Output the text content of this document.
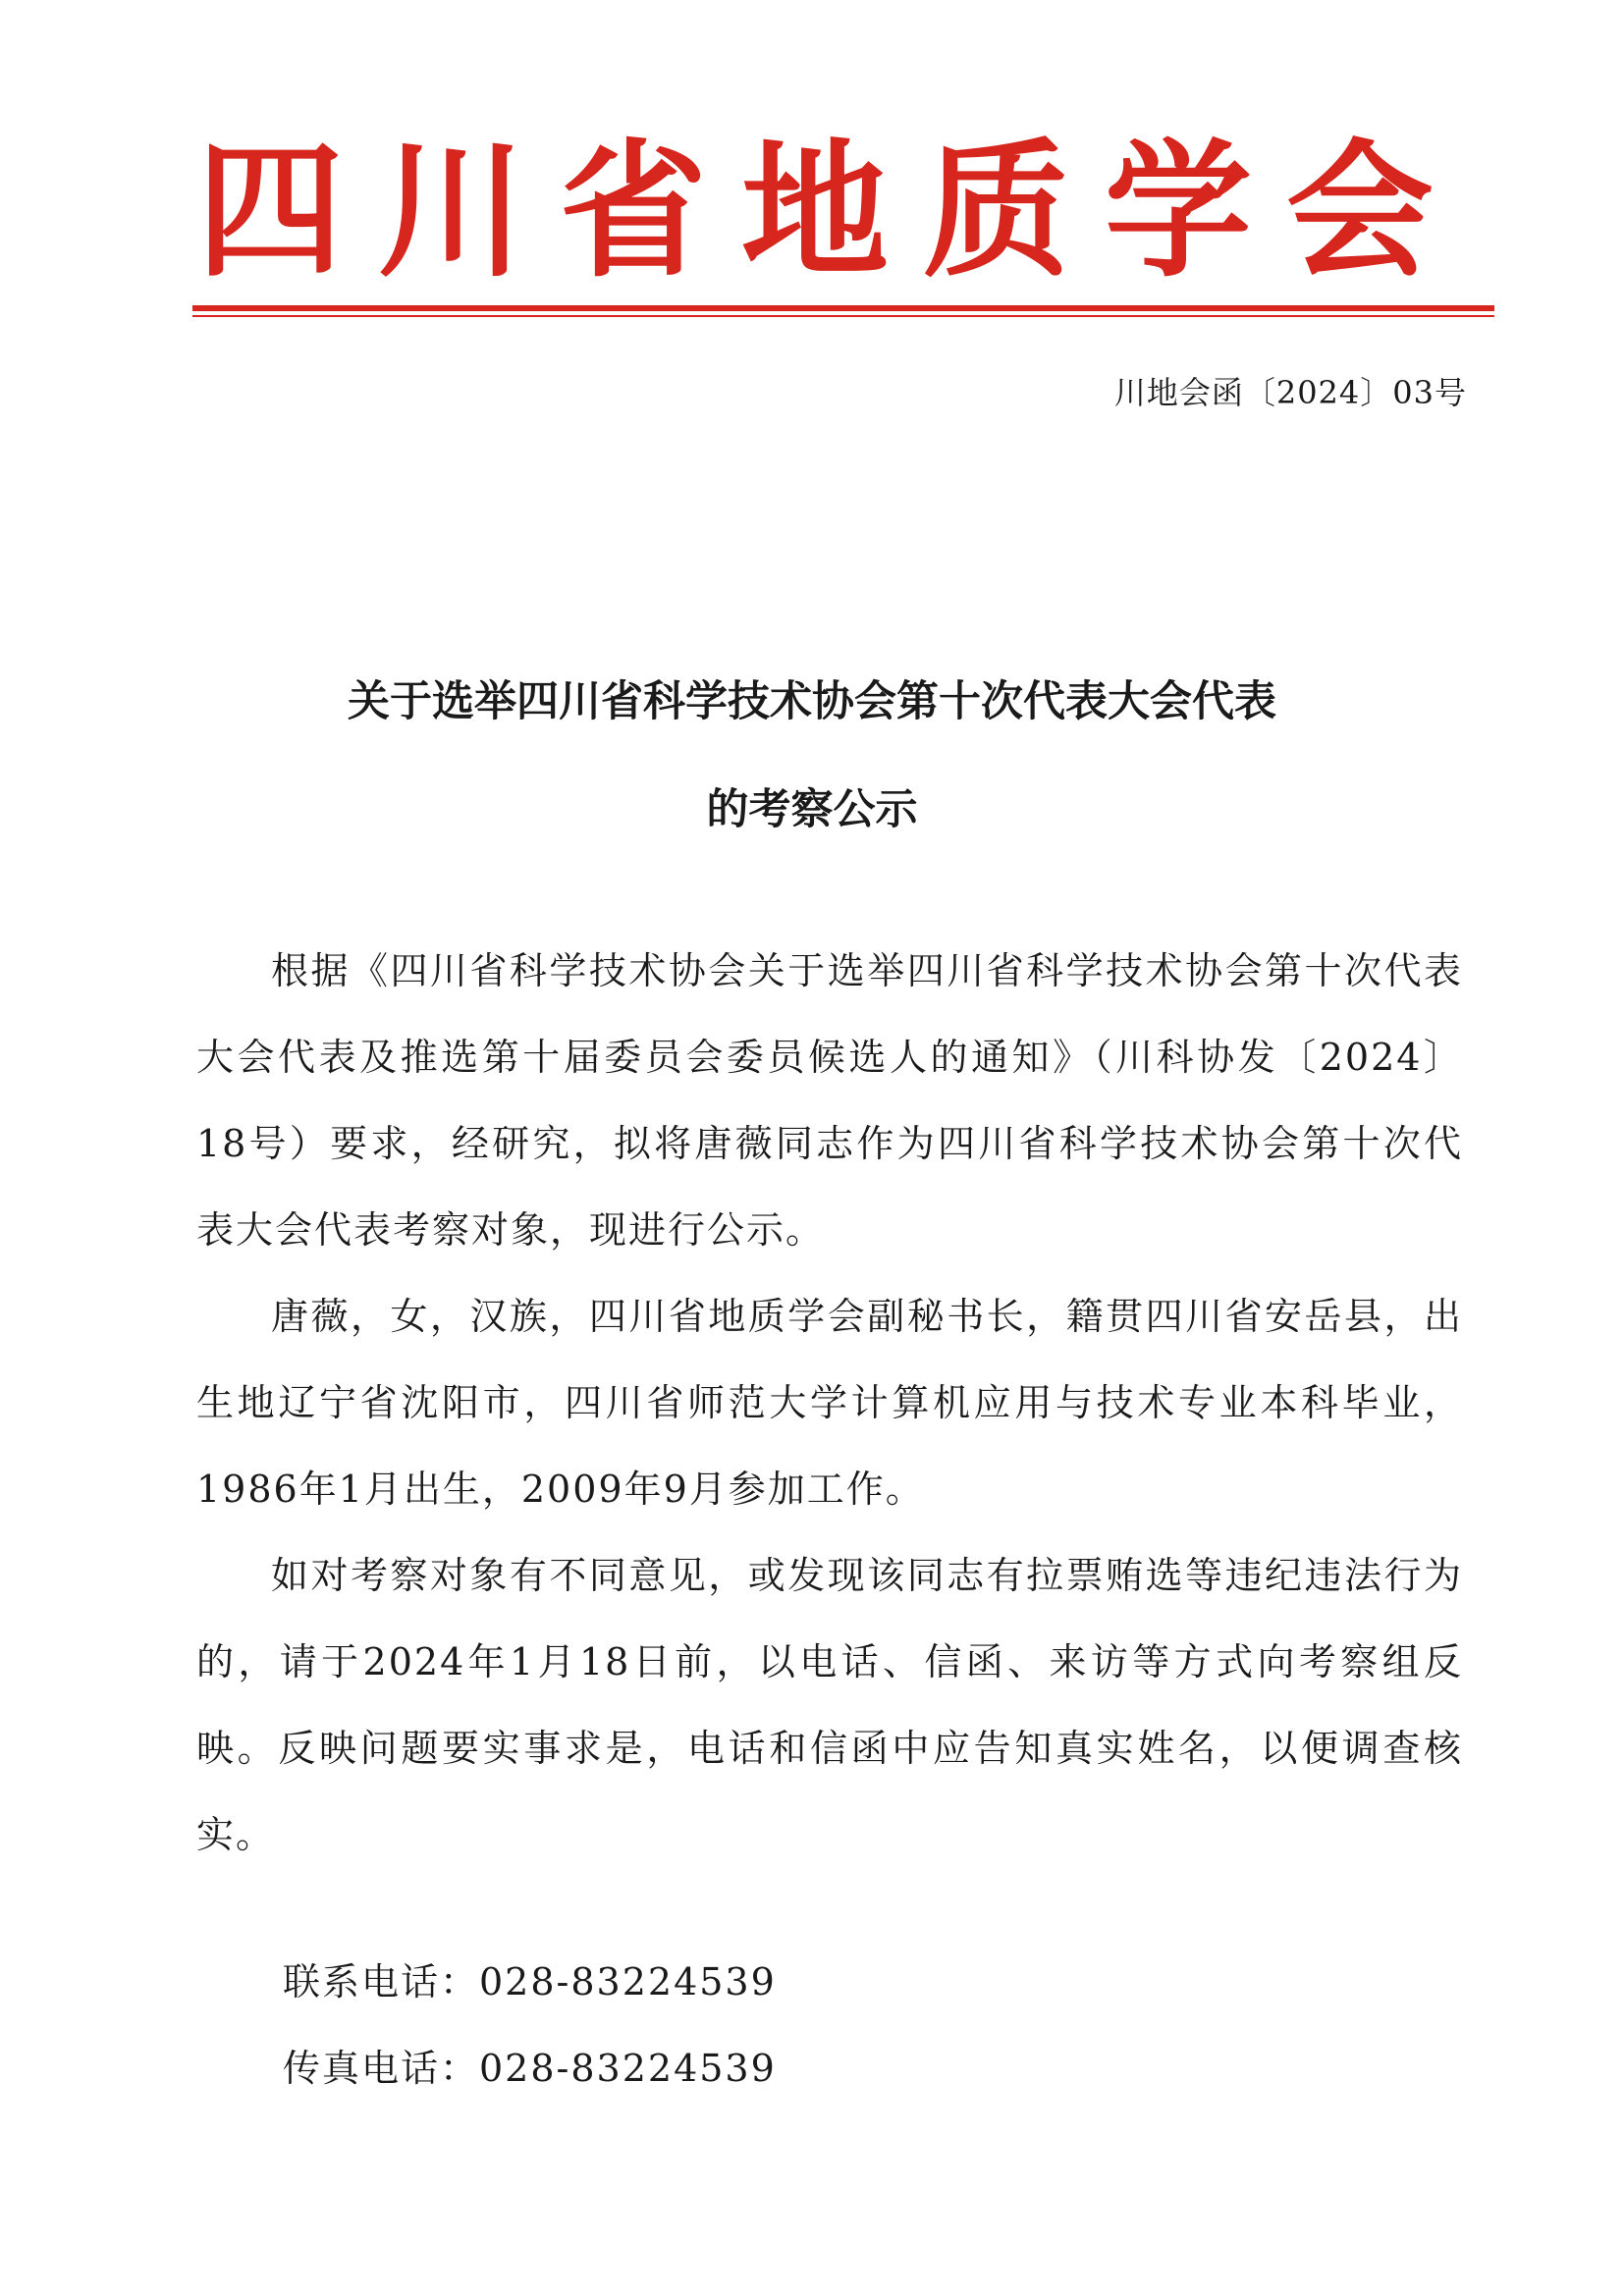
四 川 省 地 质 学 会
川地会函〔2024〕03号
关于选举四川省科学技术协会第十次代表大会代表
的考察公示

根据《四川省科学技术协会关于选举四川省科学技术协会第十次代表大会代表及推选第十届委员会委员候选人的通知》（川科协发〔2024〕18号）要求，经研究，拟将唐薇同志作为四川省科学技术协会第十次代表大会代表考察对象，现进行公示。

唐薇，女，汉族，四川省地质学会副秘书长，籍贯四川省安岳县，出生地辽宁省沈阳市，四川省师范大学计算机应用与技术专业本科毕业，1986年1月出生，2009年9月参加工作。

如对考察对象有不同意见，或发现该同志有拉票贿选等违纪违法行为的，请于2024年1月18日前，以电话、信函、来访等方式向考察组反映。反映问题要实事求是，电话和信函中应告知真实姓名，以便调查核实。

联系电话：028-83224539
传真电话：028-83224539
